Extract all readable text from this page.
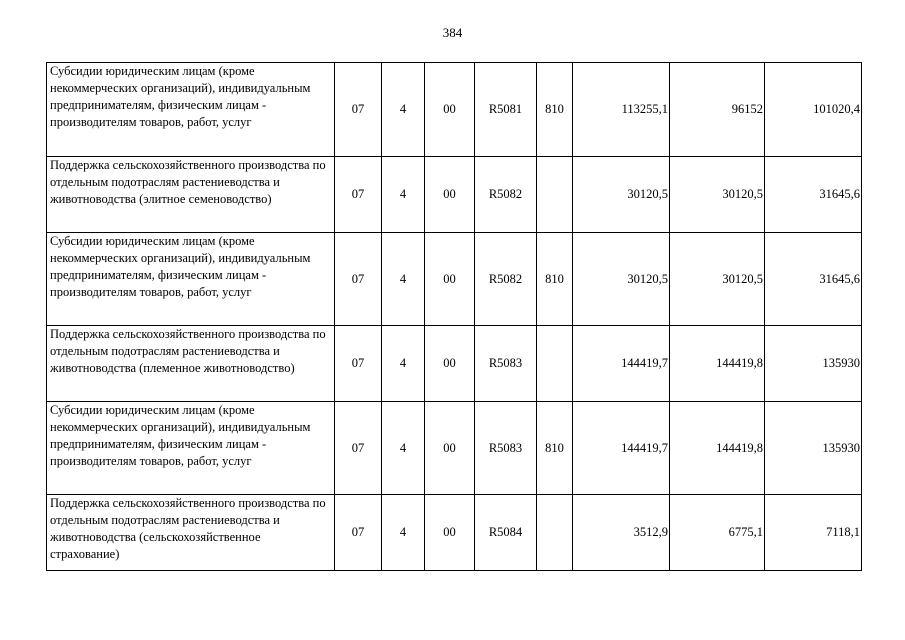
384
Субсидии юридическим лицам (кроме некоммерческих организаций), индивидуальным предпринимателям, физическим лицам - производителям товаров, работ, услуг	07	4	00	R5081	810	113255,1	96152	101020,4
Поддержка сельскохозяйственного производства по отдельным подотраслям растениеводства и животноводства (элитное семеноводство)	07	4	00	R5082		30120,5	30120,5	31645,6
Субсидии юридическим лицам (кроме некоммерческих организаций), индивидуальным предпринимателям, физическим лицам - производителям товаров, работ, услуг	07	4	00	R5082	810	30120,5	30120,5	31645,6
Поддержка сельскохозяйственного производства по отдельным подотраслям растениеводства и животноводства (племенное животноводство)	07	4	00	R5083		144419,7	144419,8	135930
Субсидии юридическим лицам (кроме некоммерческих организаций), индивидуальным предпринимателям, физическим лицам - производителям товаров, работ, услуг	07	4	00	R5083	810	144419,7	144419,8	135930
Поддержка сельскохозяйственного производства по отдельным подотраслям растениеводства и животноводства (сельскохозяйственное страхование)	07	4	00	R5084		3512,9	6775,1	7118,1
